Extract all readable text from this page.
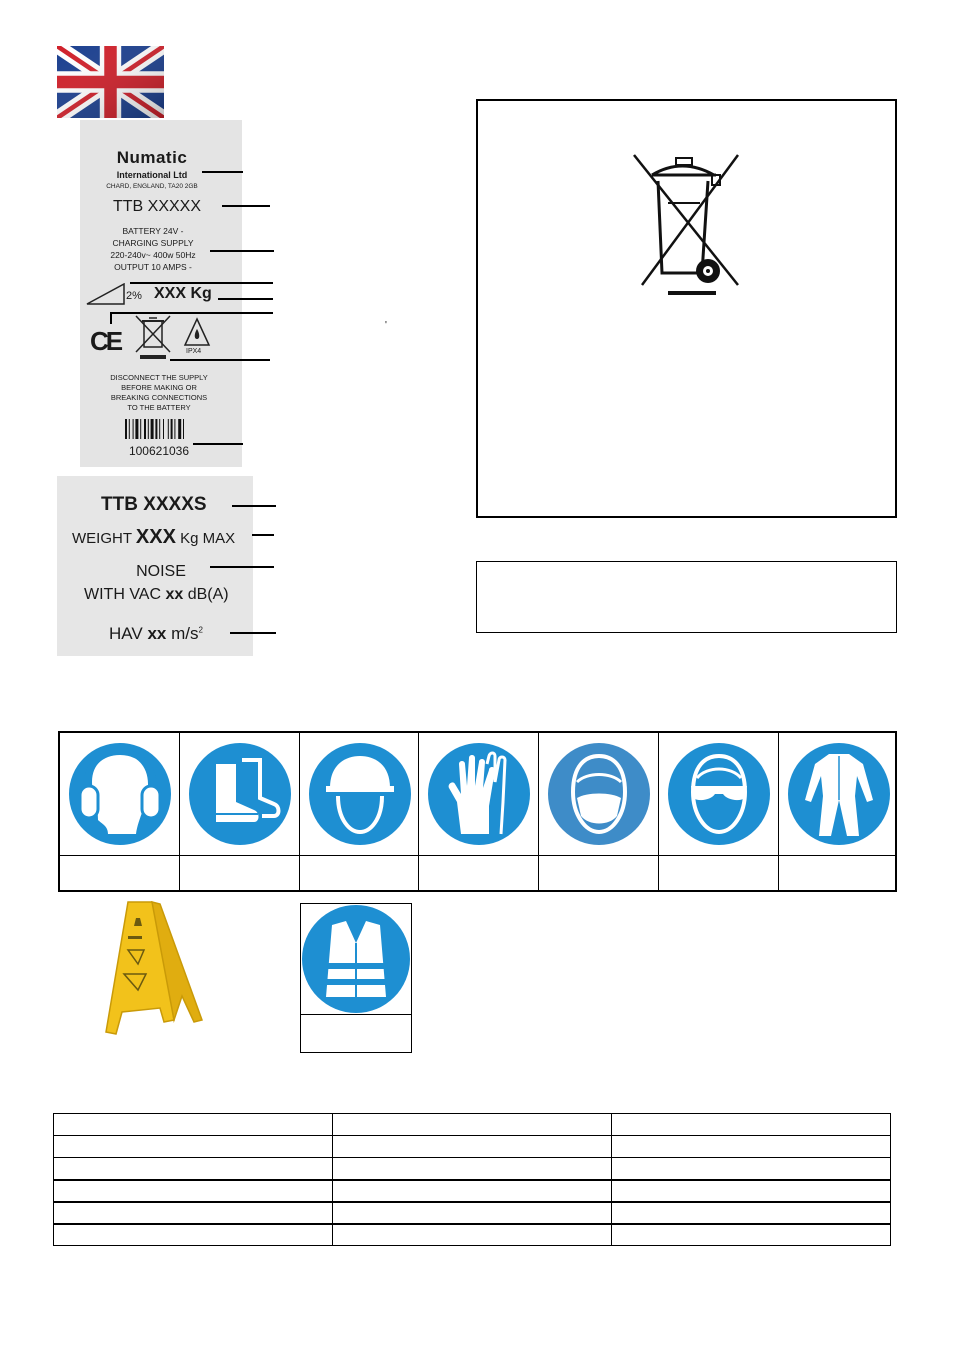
Numatic
International Ltd
CHARD, ENGLAND, TA20 2GB
TTB XXXXX
BATTERY 24V -
CHARGING SUPPLY
220-240v~ 400w 50Hz
OUTPUT 10 AMPS -
2% XXX Kg
CE	IPX4
DISCONNECT THE SUPPLY
BEFORE MAKING OR
BREAKING CONNECTIONS
TO THE BATTERY
100621036
'
TTB XXXXS
WEIGHT XXX Kg MAX
NOISE
WITH VAC xx dB(A)
HAV xx $m/s^2$
